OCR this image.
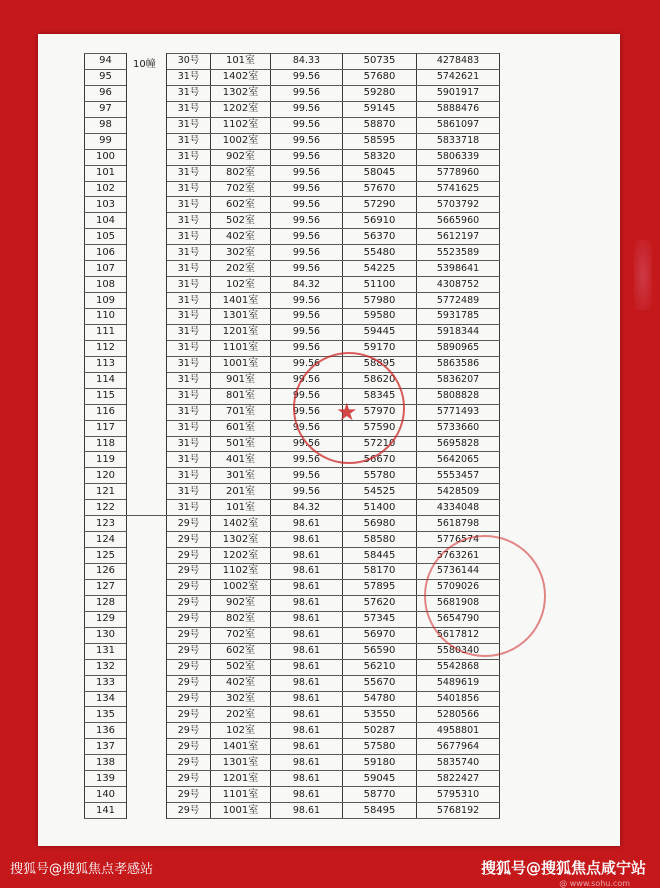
94	10幢	30号	101室	84.33	50735	4278483
95		31号	1402室	99.56	57680	5742621
96		31号	1302室	99.56	59280	5901917
97		31号	1202室	99.56	59145	5888476
98		31号	1102室	99.56	58870	5861097
99		31号	1002室	99.56	58595	5833718
100		31号	902室	99.56	58320	5806339
101		31号	802室	99.56	58045	5778960
102		31号	702室	99.56	57670	5741625
103		31号	602室	99.56	57290	5703792
104		31号	502室	99.56	56910	5665960
105		31号	402室	99.56	56370	5612197
106		31号	302室	99.56	55480	5523589
107		31号	202室	99.56	54225	5398641
108		31号	102室	84.32	51100	4308752
109		31号	1401室	99.56	57980	5772489
110		31号	1301室	99.56	59580	5931785
111		31号	1201室	99.56	59445	5918344
112		31号	1101室	99.56	59170	5890965
113		31号	1001室	99.56	58895	5863586
114		31号	901室	99.56	58620	5836207
115		31号	801室	99.56	58345	5808828
116		31号	701室	99.56	57970	5771493
117		31号	601室	99.56	57590	5733660
118		31号	501室	99.56	57210	5695828
119		31号	401室	99.56	56670	5642065
120		31号	301室	99.56	55780	5553457
121		31号	201室	99.56	54525	5428509
122		31号	101室	84.32	51400	4334048
123		29号	1402室	98.61	56980	5618798
124		29号	1302室	98.61	58580	5776574
125		29号	1202室	98.61	58445	5763261
126		29号	1102室	98.61	58170	5736144
127		29号	1002室	98.61	57895	5709026
128		29号	902室	98.61	57620	5681908
129		29号	802室	98.61	57345	5654790
130		29号	702室	98.61	56970	5617812
131		29号	602室	98.61	56590	5580340
132		29号	502室	98.61	56210	5542868
133		29号	402室	98.61	55670	5489619
134		29号	302室	98.61	54780	5401856
135		29号	202室	98.61	53550	5280566
136		29号	102室	98.61	50287	4958801
137		29号	1401室	98.61	57580	5677964
138		29号	1301室	98.61	59180	5835740
139		29号	1201室	98.61	59045	5822427
140		29号	1101室	98.61	58770	5795310
141		29号	1001室	98.61	58495	5768192
★
搜狐号@搜狐焦点孝感站	搜狐号@搜狐焦点咸宁站
@ www.sohu.com
